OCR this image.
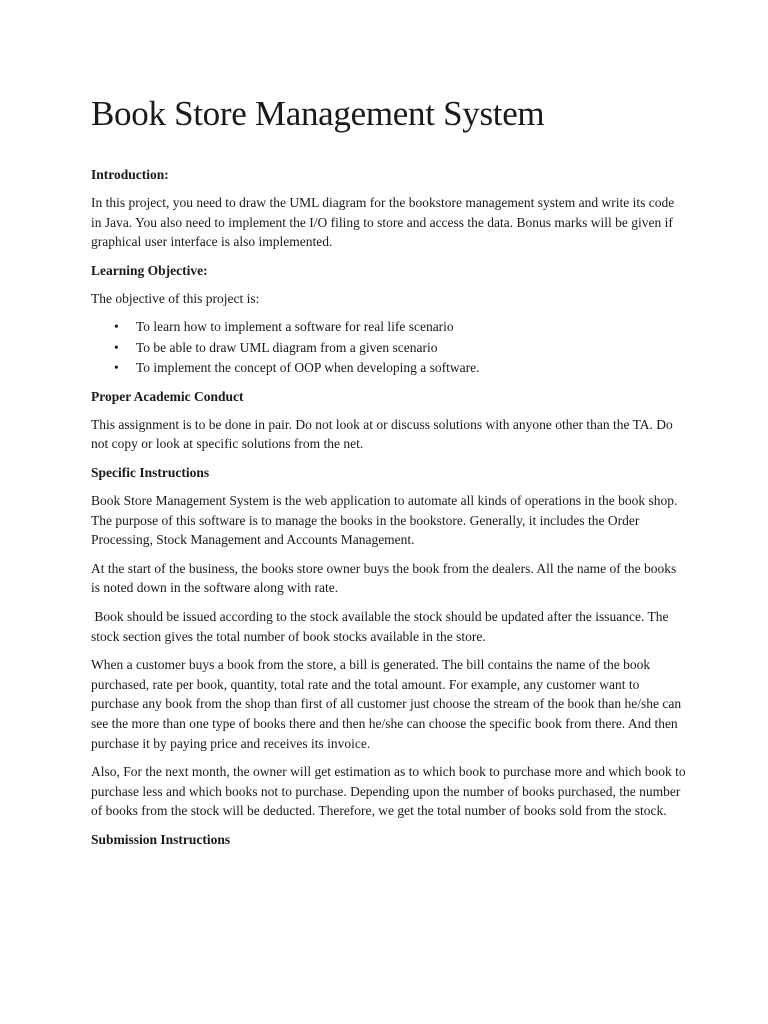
Book Store Management System
Introduction:

In this project, you need to draw the UML diagram for the bookstore management system and write its code in Java. You also need to implement the I/O filing to store and access the data. Bonus marks will be given if graphical user interface is also implemented.

Learning Objective:

The objective of this project is:

• To learn how to implement a software for real life scenario
• To be able to draw UML diagram from a given scenario
• To implement the concept of OOP when developing a software.
Proper Academic Conduct

This assignment is to be done in pair. Do not look at or discuss solutions with anyone other than the TA. Do not copy or look at specific solutions from the net.

Specific Instructions

Book Store Management System is the web application to automate all kinds of operations in the book shop. The purpose of this software is to manage the books in the bookstore. Generally, it includes the Order Processing, Stock Management and Accounts Management.

At the start of the business, the books store owner buys the book from the dealers. All the name of the books is noted down in the software along with rate.

Book should be issued according to the stock available the stock should be updated after the issuance. The stock section gives the total number of book stocks available in the store.

When a customer buys a book from the store, a bill is generated. The bill contains the name of the book purchased, rate per book, quantity, total rate and the total amount. For example, any customer want to purchase any book from the shop than first of all customer just choose the stream of the book than he/she can see the more than one type of books there and then he/she can choose the specific book from there. And then purchase it by paying price and receives its invoice.

Also, For the next month, the owner will get estimation as to which book to purchase more and which book to purchase less and which books not to purchase. Depending upon the number of books purchased, the number of books from the stock will be deducted. Therefore, we get the total number of books sold from the stock.

Submission Instructions
